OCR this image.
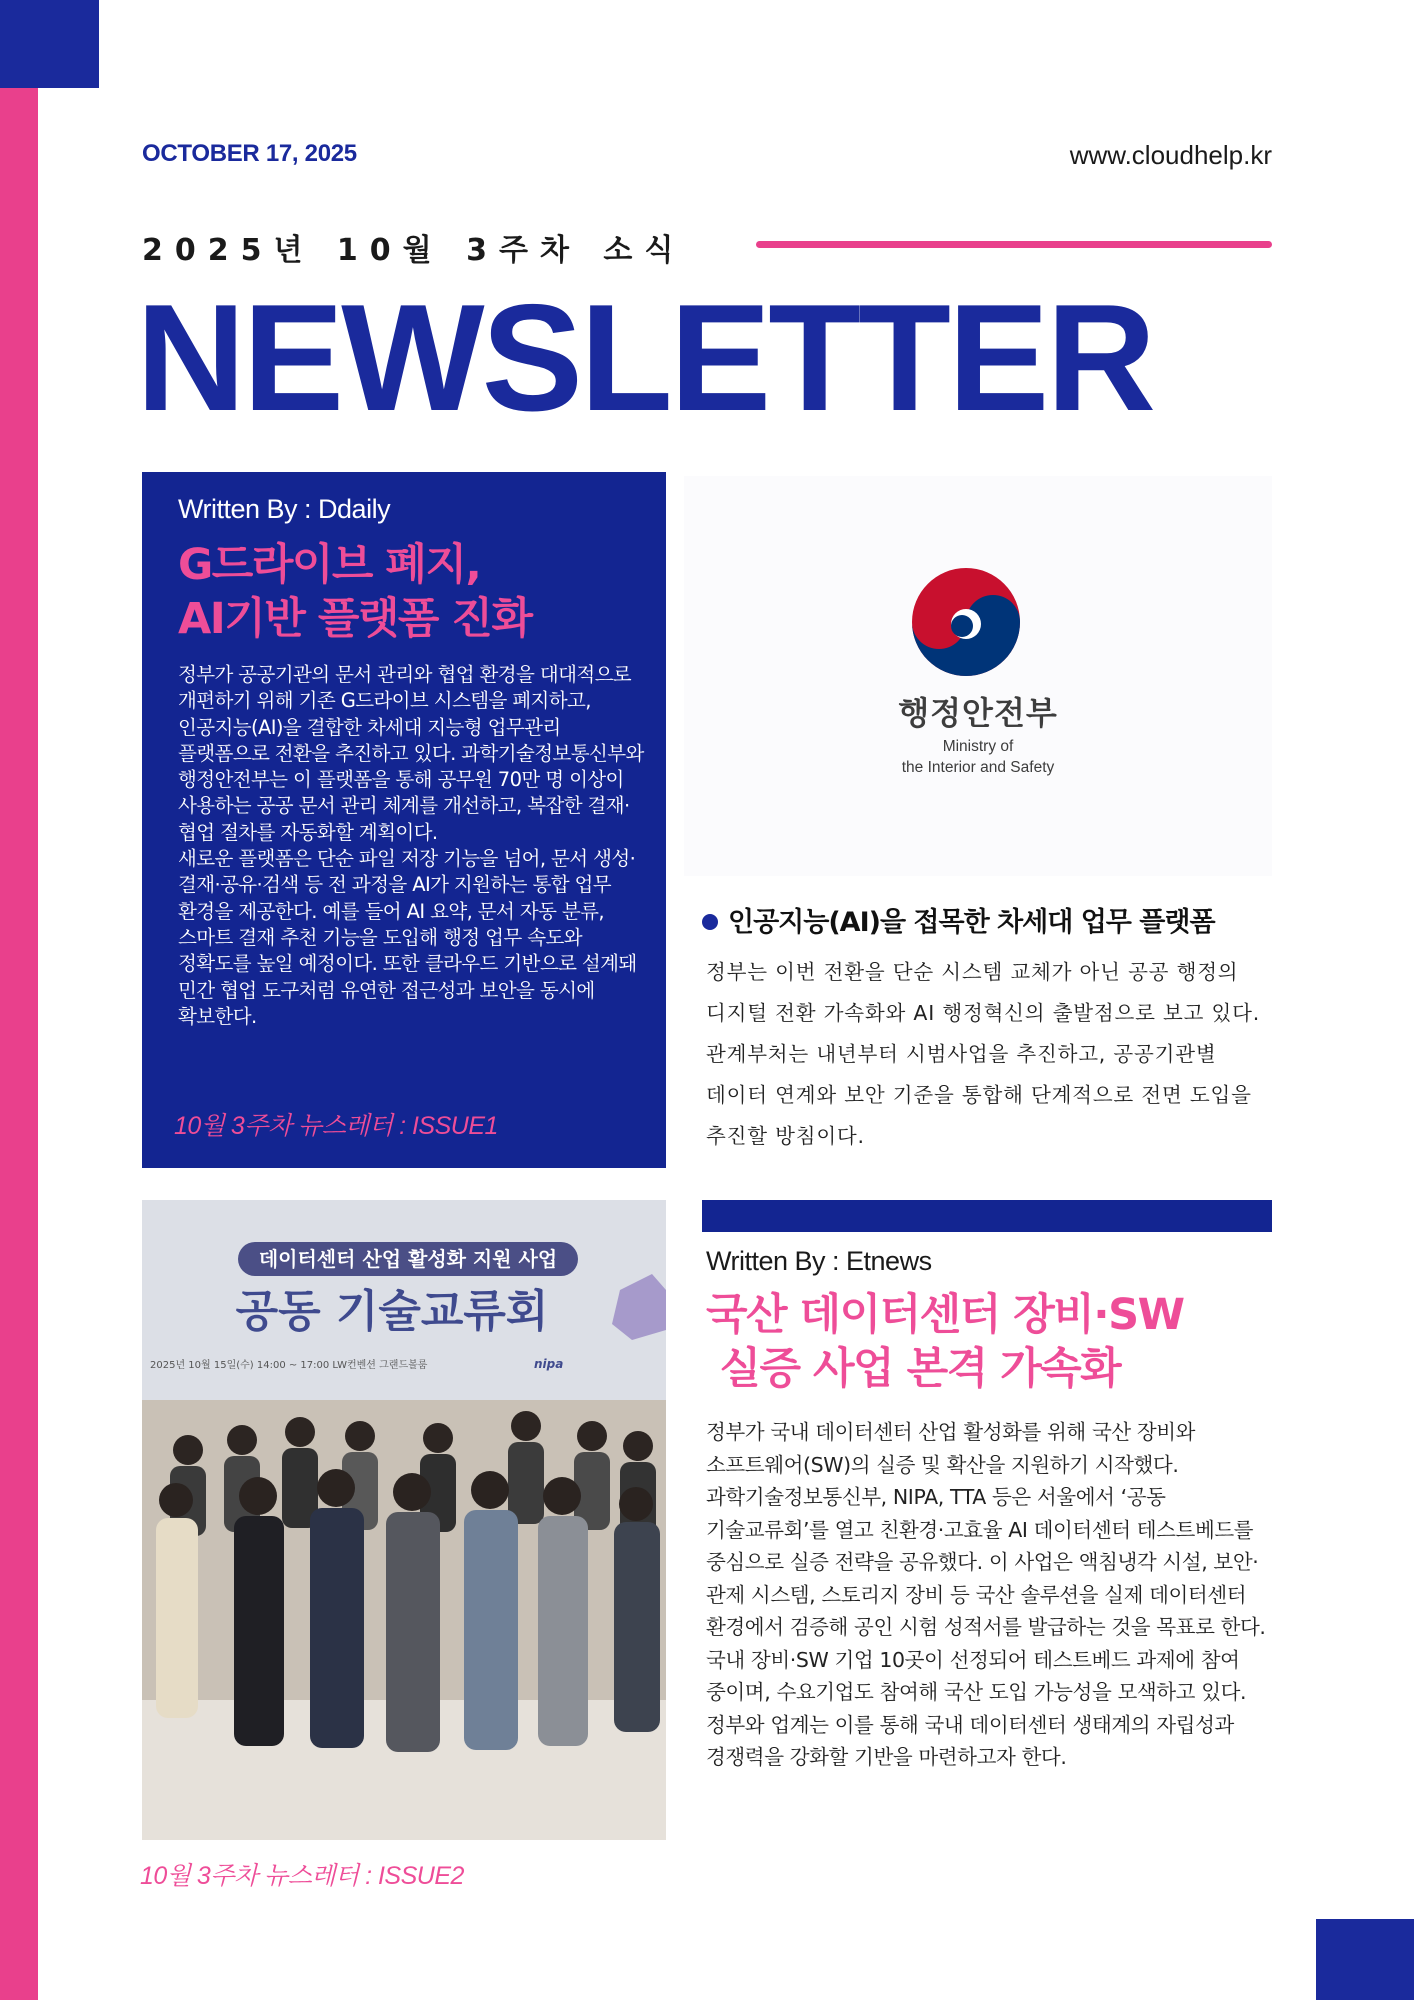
OCTOBER 17, 2025	www.cloudhelp.kr
2025년 10월 3주차 소식
NEWSLETTER
Written By : Ddaily
G드라이브 폐지,
AI기반 플랫폼 진화

정부가 공공기관의 문서 관리와 협업 환경을 대대적으로 개편하기 위해 기존 G드라이브 시스템을 폐지하고, 인공지능(AI)을 결합한 차세대 지능형 업무관리 플랫폼으로 전환을 추진하고 있다. 과학기술정보통신부와 행정안전부는 이 플랫폼을 통해 공무원 70만 명 이상이 사용하는 공공 문서 관리 체계를 개선하고, 복잡한 결재·협업 절차를 자동화할 계획이다.

새로운 플랫폼은 단순 파일 저장 기능을 넘어, 문서 생성·결재·공유·검색 등 전 과정을 AI가 지원하는 통합 업무 환경을 제공한다. 예를 들어 AI 요약, 문서 자동 분류, 스마트 결재 추천 기능을 도입해 행정 업무 속도와 정확도를 높일 예정이다. 또한 클라우드 기반으로 설계돼 민간 협업 도구처럼 유연한 접근성과 보안을 동시에 확보한다.

10월 3주차 뉴스레터 : ISSUE1
행정안전부
Ministry of
the Interior and Safety
인공지능(AI)을 접목한 차세대 업무 플랫폼
정부는 이번 전환을 단순 시스템 교체가 아닌 공공 행정의 디지털 전환 가속화와 AI 행정혁신의 출발점으로 보고 있다. 관계부처는 내년부터 시범사업을 추진하고, 공공기관별 데이터 연계와 보안 기준을 통합해 단계적으로 전면 도입을 추진할 방침이다.
데이터센터 산업 활성화 지원 사업
공동 기술교류회
2025년 10월 15일(수) 14:00 ~ 17:00 LW컨벤션 그랜드볼룸	nipa
10월 3주차 뉴스레터 : ISSUE2
Written By : Etnews
국산 데이터센터 장비·SW
실증 사업 본격 가속화

정부가 국내 데이터센터 산업 활성화를 위해 국산 장비와 소프트웨어(SW)의 실증 및 확산을 지원하기 시작했다. 과학기술정보통신부, NIPA, TTA 등은 서울에서 ‘공동 기술교류회’를 열고 친환경·고효율 AI 데이터센터 테스트베드를 중심으로 실증 전략을 공유했다. 이 사업은 액침냉각 시설, 보안·관제 시스템, 스토리지 장비 등 국산 솔루션을 실제 데이터센터 환경에서 검증해 공인 시험 성적서를 발급하는 것을 목표로 한다.

국내 장비·SW 기업 10곳이 선정되어 테스트베드 과제에 참여 중이며, 수요기업도 참여해 국산 도입 가능성을 모색하고 있다. 정부와 업계는 이를 통해 국내 데이터센터 생태계의 자립성과 경쟁력을 강화할 기반을 마련하고자 한다.
